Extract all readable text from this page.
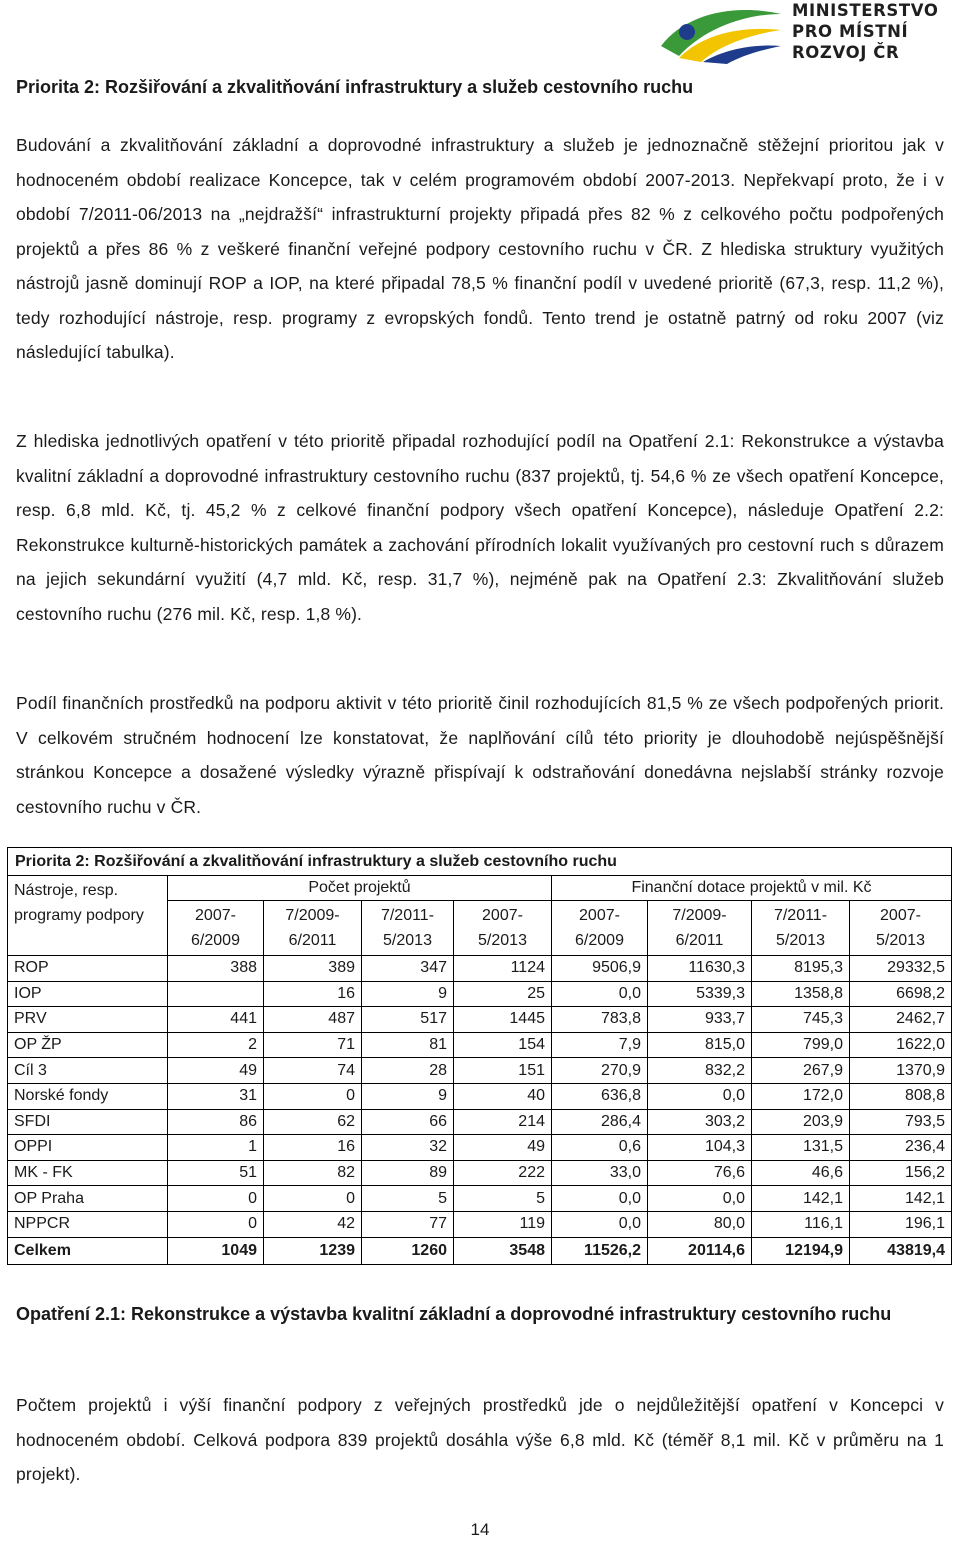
MINISTERSTVO
PRO MÍSTNÍ
ROZVOJ ČR
Priorita 2: Rozšiřování a zkvalitňování infrastruktury a služeb cestovního ruchu

Budování a zkvalitňování základní a doprovodné infrastruktury a služeb je jednoznačně stěžejní prioritou jak v hodnoceném období realizace Koncepce, tak v celém programovém období 2007-2013. Nepřekvapí proto, že i v období 7/2011-06/2013 na „nejdražší“ infrastrukturní projekty připadá přes 82 % z celkového počtu podpořených projektů a přes 86 % z veškeré finanční veřejné podpory cestovního ruchu v ČR. Z hlediska struktury využitých nástrojů jasně dominují ROP a IOP, na které připadal 78,5 % finanční podíl v uvedené prioritě (67,3, resp. 11,2 %), tedy rozhodující nástroje, resp. programy z evropských fondů. Tento trend je ostatně patrný od roku 2007 (viz následující tabulka).

Z hlediska jednotlivých opatření v této prioritě připadal rozhodující podíl na Opatření 2.1: Rekonstrukce a výstavba kvalitní základní a doprovodné infrastruktury cestovního ruchu (837 projektů, tj. 54,6 % ze všech opatření Koncepce, resp. 6,8 mld. Kč, tj. 45,2 % z celkové finanční podpory všech opatření Koncepce), následuje Opatření 2.2: Rekonstrukce kulturně-historických památek a zachování přírodních lokalit využívaných pro cestovní ruch s důrazem na jejich sekundární využití (4,7 mld. Kč, resp. 31,7 %), nejméně pak na Opatření 2.3: Zkvalitňování služeb cestovního ruchu (276 mil. Kč, resp. 1,8 %).

Podíl finančních prostředků na podporu aktivit v této prioritě činil rozhodujících 81,5 % ze všech podpořených priorit. V celkovém stručném hodnocení lze konstatovat, že naplňování cílů této priority je dlouhodobě nejúspěšnější stránkou Koncepce a dosažené výsledky výrazně přispívají k odstraňování donedávna nejslabší stránky rozvoje cestovního ruchu v ČR.

Priorita 2: Rozšiřování a zkvalitňování infrastruktury a služeb cestovního ruchu								
Nástroje, resp. programy podpory	Počet projektů				Finanční dotace projektů v mil. Kč			
	2007-6/2009	7/2009-6/2011	7/2011-5/2013	2007-5/2013	2007-6/2009	7/2009-6/2011	7/2011-5/2013	2007-5/2013
ROP	388	389	347	1124	9506,9	11630,3	8195,3	29332,5
IOP		16	9	25	0,0	5339,3	1358,8	6698,2
PRV	441	487	517	1445	783,8	933,7	745,3	2462,7
OP ŽP	2	71	81	154	7,9	815,0	799,0	1622,0
Cíl 3	49	74	28	151	270,9	832,2	267,9	1370,9
Norské fondy	31	0	9	40	636,8	0,0	172,0	808,8
SFDI	86	62	66	214	286,4	303,2	203,9	793,5
OPPI	1	16	32	49	0,6	104,3	131,5	236,4
MK - FK	51	82	89	222	33,0	76,6	46,6	156,2
OP Praha	0	0	5	5	0,0	0,0	142,1	142,1
NPPCR	0	42	77	119	0,0	80,0	116,1	196,1
Celkem	1049	1239	1260	3548	11526,2	20114,6	12194,9	43819,4
Opatření 2.1: Rekonstrukce a výstavba kvalitní základní a doprovodné infrastruktury cestovního ruchu

Počtem projektů i výší finanční podpory z veřejných prostředků jde o nejdůležitější opatření v Koncepci v hodnoceném období. Celková podpora 839 projektů dosáhla výše 6,8 mld. Kč (téměř 8,1 mil. Kč v průměru na 1 projekt).

14
